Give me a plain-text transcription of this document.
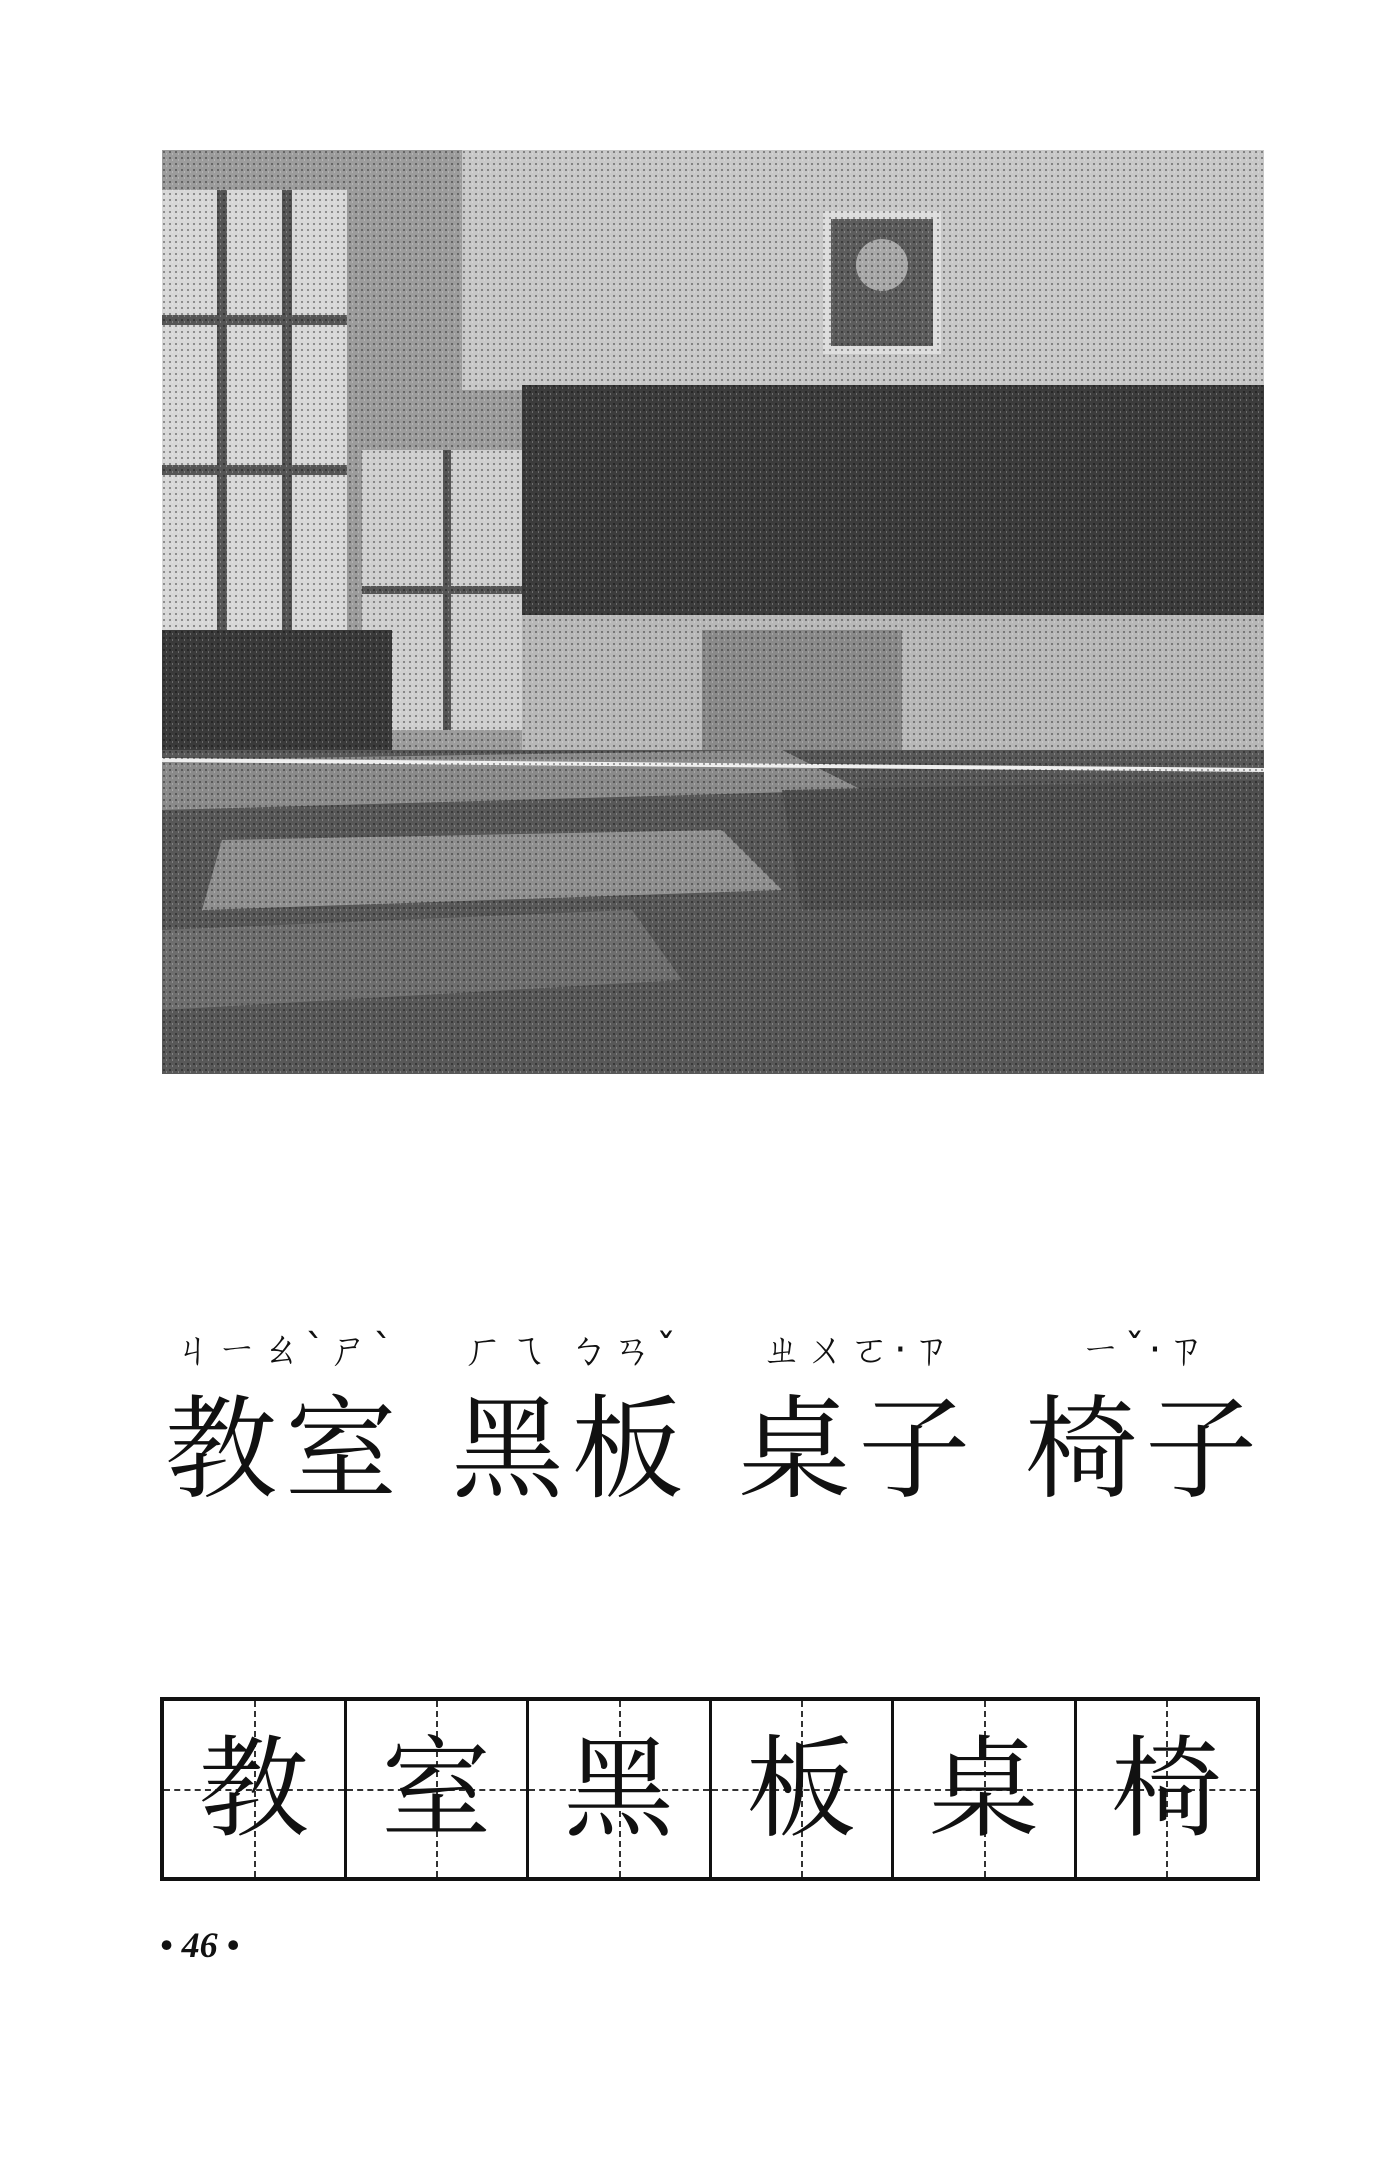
ㄐㄧㄠˋㄕˋ
教室
ㄏㄟ ㄅㄢˇ
黑板
ㄓㄨㄛ·ㄗ
桌子
ㄧˇ·ㄗ
椅子
教 室 黑 板 桌 椅
• 46 •
